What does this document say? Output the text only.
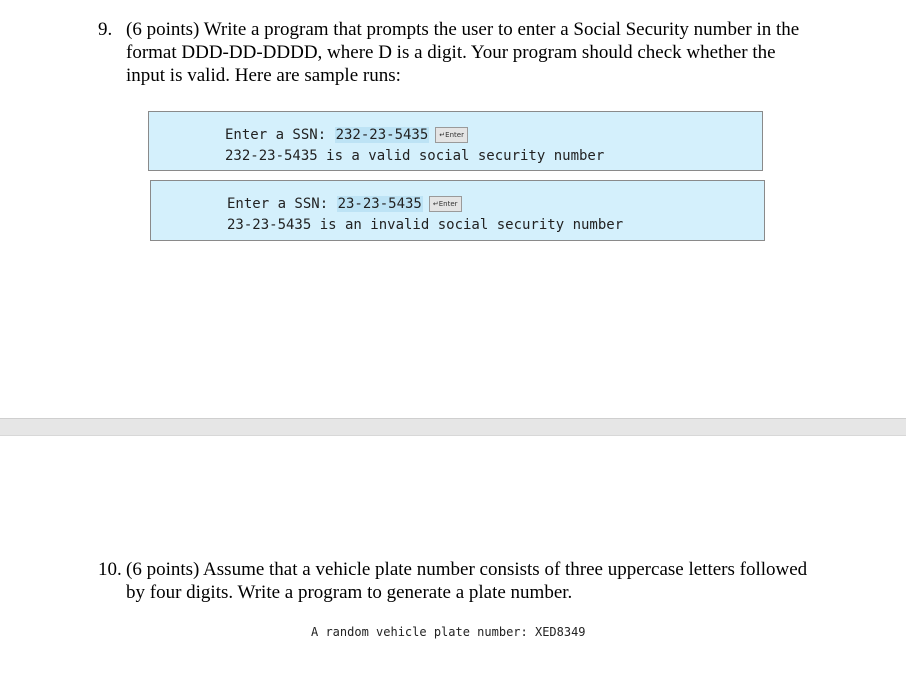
9. (6 points) Write a program that prompts the user to enter a Social Security number in the
format DDD-DD-DDDD, where D is a digit. Your program should check whether the
input is valid. Here are sample runs:
Enter a SSN: 232-23-5435 ↵Enter
232-23-5435 is a valid social security number
Enter a SSN: 23-23-5435 ↵Enter
23-23-5435 is an invalid social security number
10. (6 points) Assume that a vehicle plate number consists of three uppercase letters followed
by four digits. Write a program to generate a plate number.
A random vehicle plate number: XED8349
